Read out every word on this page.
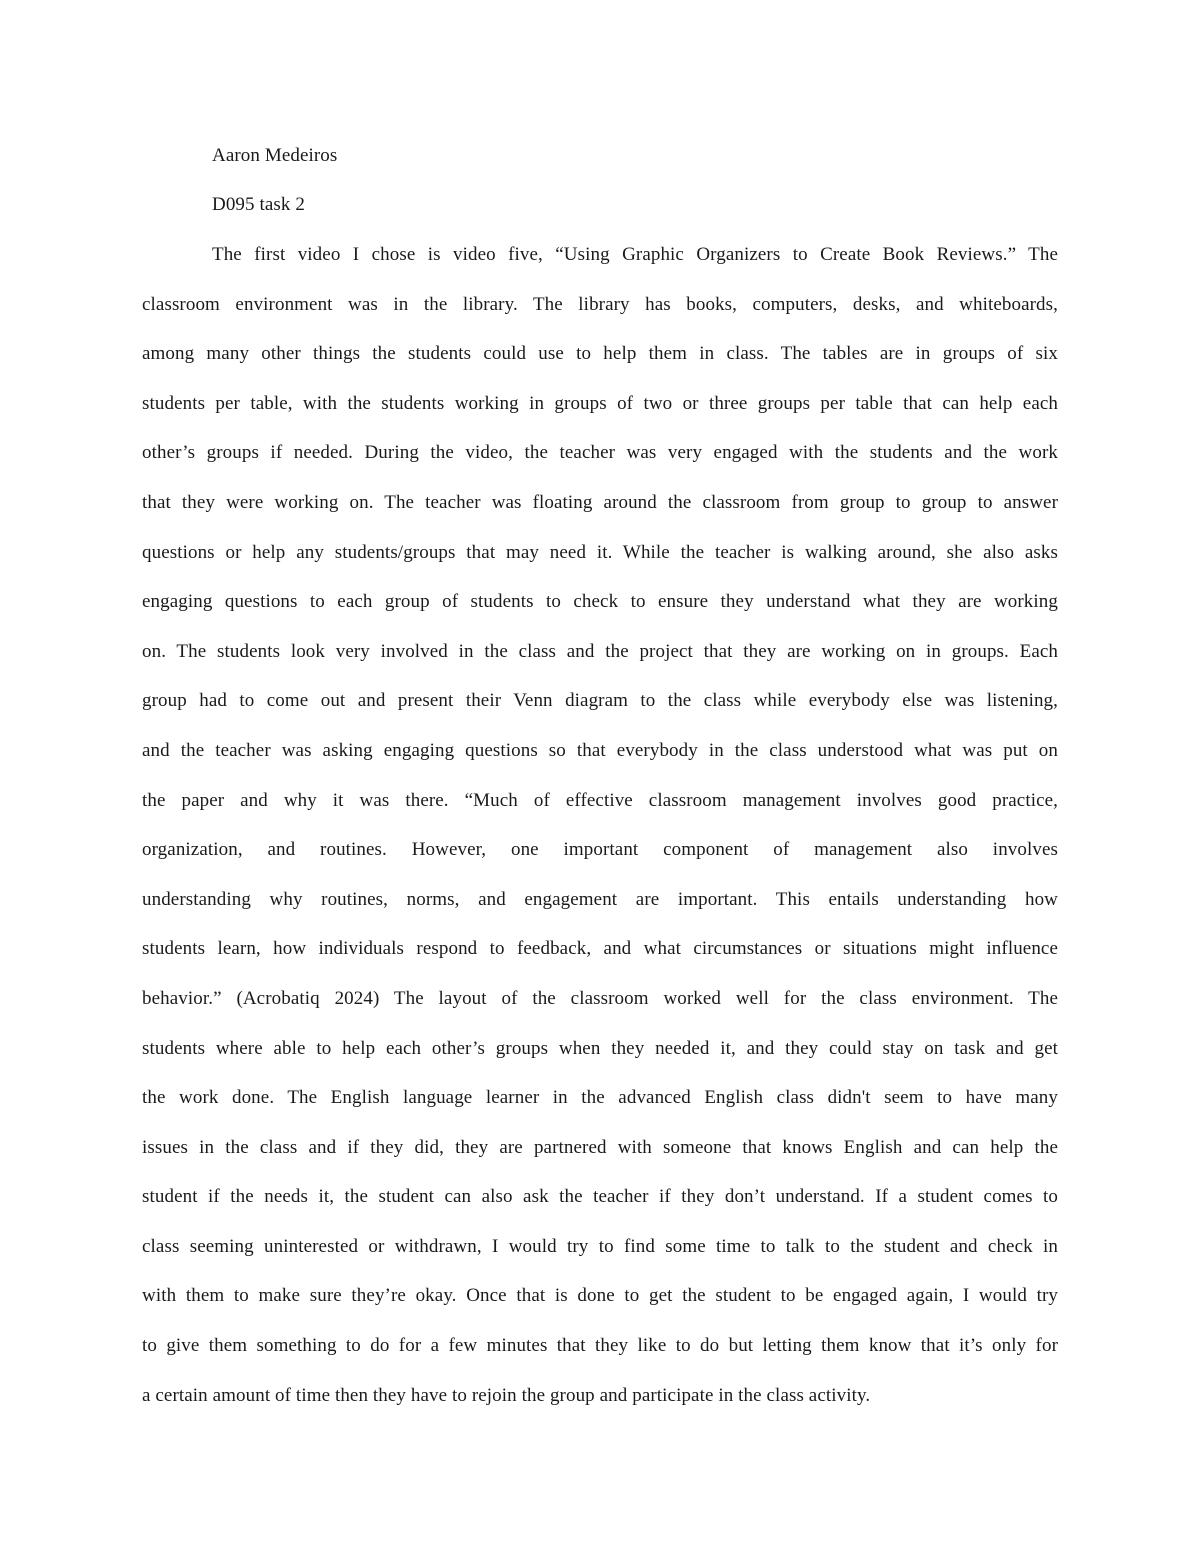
Aaron Medeiros
D095 task 2
The first video I chose is video five, “Using Graphic Organizers to Create Book Reviews.” The
classroom environment was in the library. The library has books, computers, desks, and whiteboards,
among many other things the students could use to help them in class. The tables are in groups of six
students per table, with the students working in groups of two or three groups per table that can help each
other’s groups if needed. During the video, the teacher was very engaged with the students and the work
that they were working on. The teacher was floating around the classroom from group to group to answer
questions or help any students/groups that may need it. While the teacher is walking around, she also asks
engaging questions to each group of students to check to ensure they understand what they are working
on. The students look very involved in the class and the project that they are working on in groups. Each
group had to come out and present their Venn diagram to the class while everybody else was listening,
and the teacher was asking engaging questions so that everybody in the class understood what was put on
the paper and why it was there. “Much of effective classroom management involves good practice,
organization, and routines. However, one important component of management also involves
understanding why routines, norms, and engagement are important. This entails understanding how
students learn, how individuals respond to feedback, and what circumstances or situations might influence
behavior.” (Acrobatiq 2024) The layout of the classroom worked well for the class environment. The
students where able to help each other’s groups when they needed it, and they could stay on task and get
the work done. The English language learner in the advanced English class didn't seem to have many
issues in the class and if they did, they are partnered with someone that knows English and can help the
student if the needs it, the student can also ask the teacher if they don’t understand. If a student comes to
class seeming uninterested or withdrawn, I would try to find some time to talk to the student and check in
with them to make sure they’re okay. Once that is done to get the student to be engaged again, I would try
to give them something to do for a few minutes that they like to do but letting them know that it’s only for
a certain amount of time then they have to rejoin the group and participate in the class activity.
